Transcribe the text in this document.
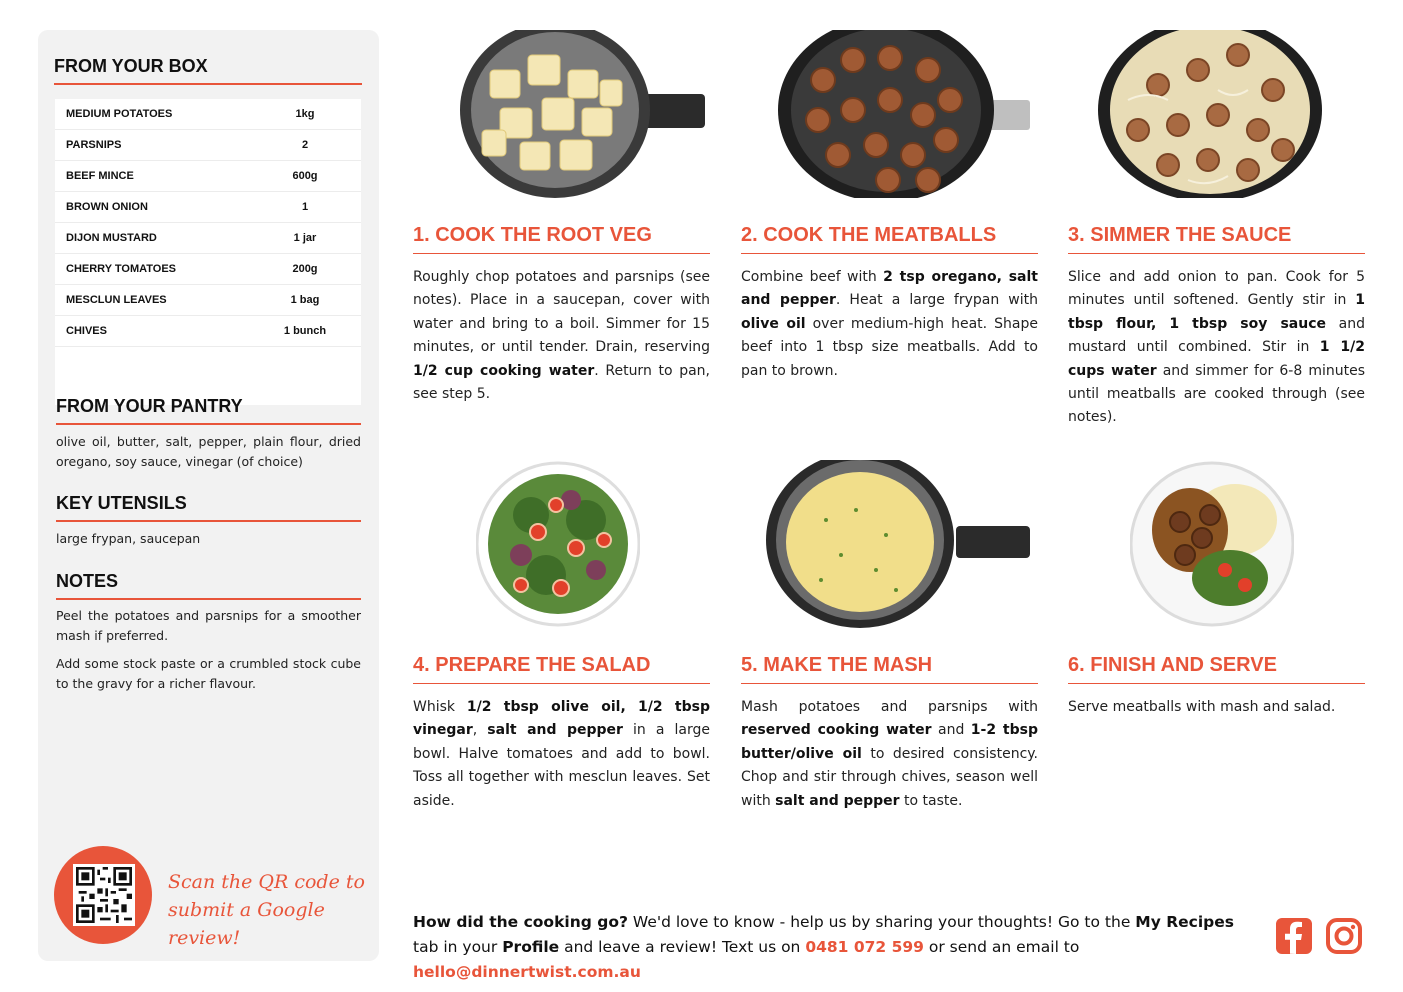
FROM YOUR BOX
MEDIUM POTATOES	1kg
PARSNIPS	2
BEEF MINCE	600g
BROWN ONION	1
DIJON MUSTARD	1 jar
CHERRY TOMATOES	200g
MESCLUN LEAVES	1 bag
CHIVES	1 bunch
FROM YOUR PANTRY
olive oil, butter, salt, pepper, plain flour, dried oregano, soy sauce, vinegar (of choice)
KEY UTENSILS
large frypan, saucepan
NOTES
Peel the potatoes and parsnips for a smoother mash if preferred.
Add some stock paste or a crumbled stock cube to the gravy for a richer flavour.
Scan the QR code to
submit a Google review!
1. COOK THE ROOT VEG
Roughly chop potatoes and parsnips (see notes). Place in a saucepan, cover with water and bring to a boil. Simmer for 15 minutes, or until tender. Drain, reserving 1/2 cup cooking water. Return to pan, see step 5.
2. COOK THE MEATBALLS
Combine beef with 2 tsp oregano, salt and pepper. Heat a large frypan with olive oil over medium-high heat. Shape beef into 1 tbsp size meatballs. Add to pan to brown.
3. SIMMER THE SAUCE
Slice and add onion to pan. Cook for 5 minutes until softened. Gently stir in 1 tbsp flour, 1 tbsp soy sauce and mustard until combined. Stir in 1 1/2 cups water and simmer for 6-8 minutes until meatballs are cooked through (see notes).
4. PREPARE THE SALAD
Whisk 1/2 tbsp olive oil, 1/2 tbsp vinegar, salt and pepper in a large bowl. Halve tomatoes and add to bowl. Toss all together with mesclun leaves. Set aside.
5. MAKE THE MASH
Mash potatoes and parsnips with reserved cooking water and 1-2 tbsp butter/olive oil to desired consistency. Chop and stir through chives, season well with salt and pepper to taste.
6. FINISH AND SERVE
Serve meatballs with mash and salad.
How did the cooking go? We'd love to know - help us by sharing your thoughts! Go to the My Recipes tab in your Profile and leave a review! Text us on 0481 072 599 or send an email to hello@dinnertwist.com.au
